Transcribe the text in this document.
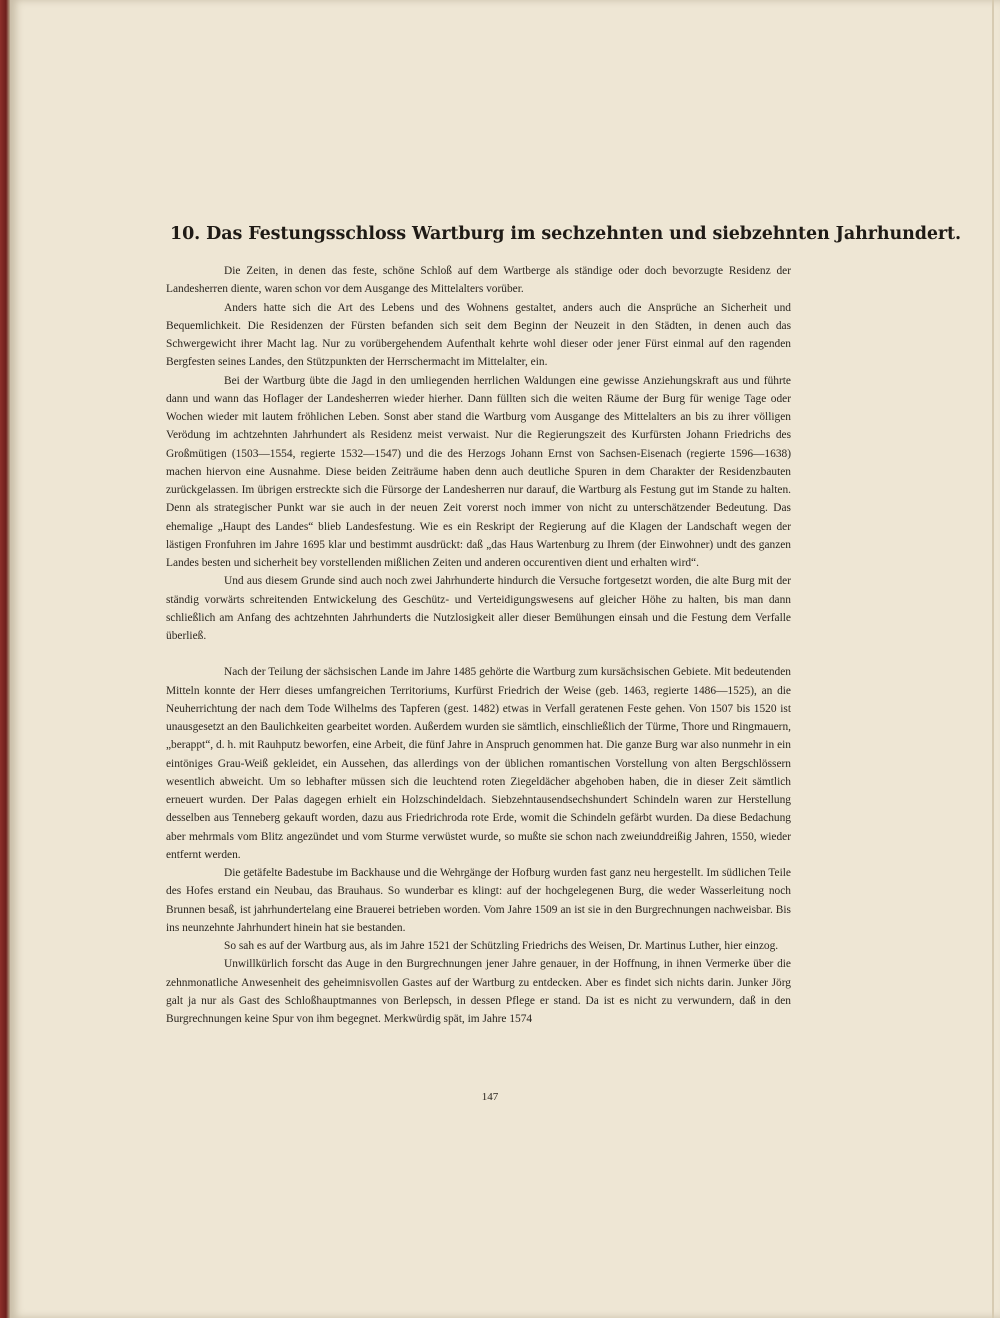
10. Das Festungsschloss Wartburg im sechzehnten und siebzehnten Jahrhundert.

Die Zeiten, in denen das feste, schöne Schloß auf dem Wartberge als ständige oder doch bevorzugte Residenz der Landesherren diente, waren schon vor dem Ausgange des Mittelalters vorüber.

Anders hatte sich die Art des Lebens und des Wohnens gestaltet, anders auch die Ansprüche an Sicherheit und Bequemlichkeit. Die Residenzen der Fürsten befanden sich seit dem Beginn der Neuzeit in den Städten, in denen auch das Schwergewicht ihrer Macht lag. Nur zu vorübergehendem Aufenthalt kehrte wohl dieser oder jener Fürst einmal auf den ragenden Bergfesten seines Landes, den Stützpunkten der Herrschermacht im Mittelalter, ein.

Bei der Wartburg übte die Jagd in den umliegenden herrlichen Waldungen eine gewisse Anziehungskraft aus und führte dann und wann das Hoflager der Landesherren wieder hierher. Dann füllten sich die weiten Räume der Burg für wenige Tage oder Wochen wieder mit lautem fröhlichen Leben. Sonst aber stand die Wartburg vom Ausgange des Mittelalters an bis zu ihrer völligen Verödung im achtzehnten Jahrhundert als Residenz meist verwaist. Nur die Regierungszeit des Kurfürsten Johann Friedrichs des Großmütigen (1503—1554, regierte 1532—1547) und die des Herzogs Johann Ernst von Sachsen-Eisenach (regierte 1596—1638) machen hiervon eine Ausnahme. Diese beiden Zeiträume haben denn auch deutliche Spuren in dem Charakter der Residenzbauten zurückgelassen. Im übrigen erstreckte sich die Fürsorge der Landesherren nur darauf, die Wartburg als Festung gut im Stande zu halten. Denn als strategischer Punkt war sie auch in der neuen Zeit vorerst noch immer von nicht zu unterschätzender Bedeutung. Das ehemalige „Haupt des Landes“ blieb Landesfestung. Wie es ein Reskript der Regierung auf die Klagen der Landschaft wegen der lästigen Fronfuhren im Jahre 1695 klar und bestimmt ausdrückt: daß „das Haus Wartenburg zu Ihrem (der Einwohner) undt des ganzen Landes besten und sicherheit bey vorstellenden mißlichen Zeiten und anderen occurentiven dient und erhalten wird“.

Und aus diesem Grunde sind auch noch zwei Jahrhunderte hindurch die Versuche fortgesetzt worden, die alte Burg mit der ständig vorwärts schreitenden Entwickelung des Geschütz- und Verteidigungswesens auf gleicher Höhe zu halten, bis man dann schließlich am Anfang des achtzehnten Jahrhunderts die Nutzlosigkeit aller dieser Bemühungen einsah und die Festung dem Verfalle überließ.

Nach der Teilung der sächsischen Lande im Jahre 1485 gehörte die Wartburg zum kursächsischen Gebiete. Mit bedeutenden Mitteln konnte der Herr dieses umfangreichen Territoriums, Kurfürst Friedrich der Weise (geb. 1463, regierte 1486—1525), an die Neuherrichtung der nach dem Tode Wilhelms des Tapferen (gest. 1482) etwas in Verfall geratenen Feste gehen. Von 1507 bis 1520 ist unausgesetzt an den Baulichkeiten gearbeitet worden. Außerdem wurden sie sämtlich, einschließlich der Türme, Thore und Ringmauern, „berappt“, d. h. mit Rauhputz beworfen, eine Arbeit, die fünf Jahre in Anspruch genommen hat. Die ganze Burg war also nunmehr in ein eintöniges Grau-Weiß gekleidet, ein Aussehen, das allerdings von der üblichen romantischen Vorstellung von alten Bergschlössern wesentlich abweicht. Um so lebhafter müssen sich die leuchtend roten Ziegeldächer abgehoben haben, die in dieser Zeit sämtlich erneuert wurden. Der Palas dagegen erhielt ein Holzschindeldach. Siebzehntausendsechshundert Schindeln waren zur Herstellung desselben aus Tenneberg gekauft worden, dazu aus Friedrichroda rote Erde, womit die Schindeln gefärbt wurden. Da diese Bedachung aber mehrmals vom Blitz angezündet und vom Sturme verwüstet wurde, so mußte sie schon nach zweiunddreißig Jahren, 1550, wieder entfernt werden.

Die getäfelte Badestube im Backhause und die Wehrgänge der Hofburg wurden fast ganz neu hergestellt. Im südlichen Teile des Hofes erstand ein Neubau, das Brauhaus. So wunderbar es klingt: auf der hochgelegenen Burg, die weder Wasserleitung noch Brunnen besaß, ist jahrhundertelang eine Brauerei betrieben worden. Vom Jahre 1509 an ist sie in den Burgrechnungen nachweisbar. Bis ins neunzehnte Jahrhundert hinein hat sie bestanden.

So sah es auf der Wartburg aus, als im Jahre 1521 der Schützling Friedrichs des Weisen, Dr. Martinus Luther, hier einzog.

Unwillkürlich forscht das Auge in den Burgrechnungen jener Jahre genauer, in der Hoffnung, in ihnen Vermerke über die zehnmonatliche Anwesenheit des geheimnisvollen Gastes auf der Wartburg zu entdecken. Aber es findet sich nichts darin. Junker Jörg galt ja nur als Gast des Schloßhauptmannes von Berlepsch, in dessen Pflege er stand. Da ist es nicht zu verwundern, daß in den Burgrechnungen keine Spur von ihm begegnet. Merkwürdig spät, im Jahre 1574

147
